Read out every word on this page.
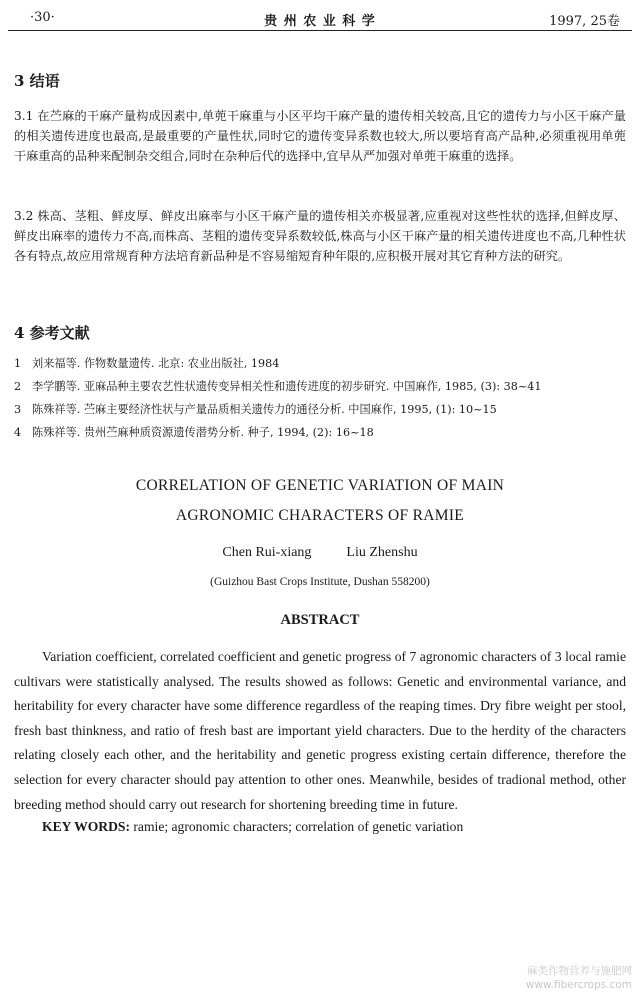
·30·	贵 州 农 业 科 学	1997, 25卷
3 结语
3.1 在苎麻的干麻产量构成因素中,单蔸干麻重与小区平均干麻产量的遗传相关较高,且它的遗传力与小区干麻产量的相关遗传进度也最高,是最重要的产量性状,同时它的遗传变异系数也较大,所以要培育高产品种,必须重视用单蔸干麻重高的品种来配制杂交组合,同时在杂种后代的选择中,宜早从严加强对单蔸干麻重的选择。
3.2 株高、茎粗、鲜皮厚、鲜皮出麻率与小区干麻产量的遗传相关亦极显著,应重视对这些性状的选择,但鲜皮厚、鲜皮出麻率的遗传力不高,而株高、茎粗的遗传变异系数较低,株高与小区干麻产量的相关遗传进度也不高,几种性状各有特点,故应用常规育种方法培育新品种是不容易缩短育种年限的,应积极开展对其它育种方法的研究。
4 参考文献
1 刘来福等. 作物数量遗传. 北京: 农业出版社, 1984
2 李学鹏等. 亚麻品种主要农艺性状遗传变异相关性和遗传进度的初步研究. 中国麻作, 1985, (3): 38~41
3 陈殊祥等. 苎麻主要经济性状与产量品质相关遗传力的通径分析. 中国麻作, 1995, (1): 10~15
4 陈殊祥等. 贵州苎麻种质资源遗传潜势分析. 种子, 1994, (2): 16~18
CORRELATION OF GENETIC VARIATION OF MAIN
AGRONOMIC CHARACTERS OF RAMIE
Chen Rui-xiang          Liu Zhenshu
(Guizhou Bast Crops Institute, Dushan 558200)
ABSTRACT
Variation coefficient, correlated coefficient and genetic progress of 7 agronomic characters of 3 local ramie cultivars were statistically analysed. The results showed as follows: Genetic and environmental variance, and heritability for every character have some difference regardless of the reaping times. Dry fibre weight per stool, fresh bast thinkness, and ratio of fresh bast are important yield characters. Due to the herdity of the characters relating closely each other, and the heritability and genetic progress existing certain difference, therefore the selection for every character should pay attention to other ones. Meanwhile, besides of tradional method, other breeding method should carry out research for shortening breeding time in future.
KEY WORDS: ramie; agronomic characters; correlation of genetic variation
麻类作物营养与施肥网
www.fibercrops.com
